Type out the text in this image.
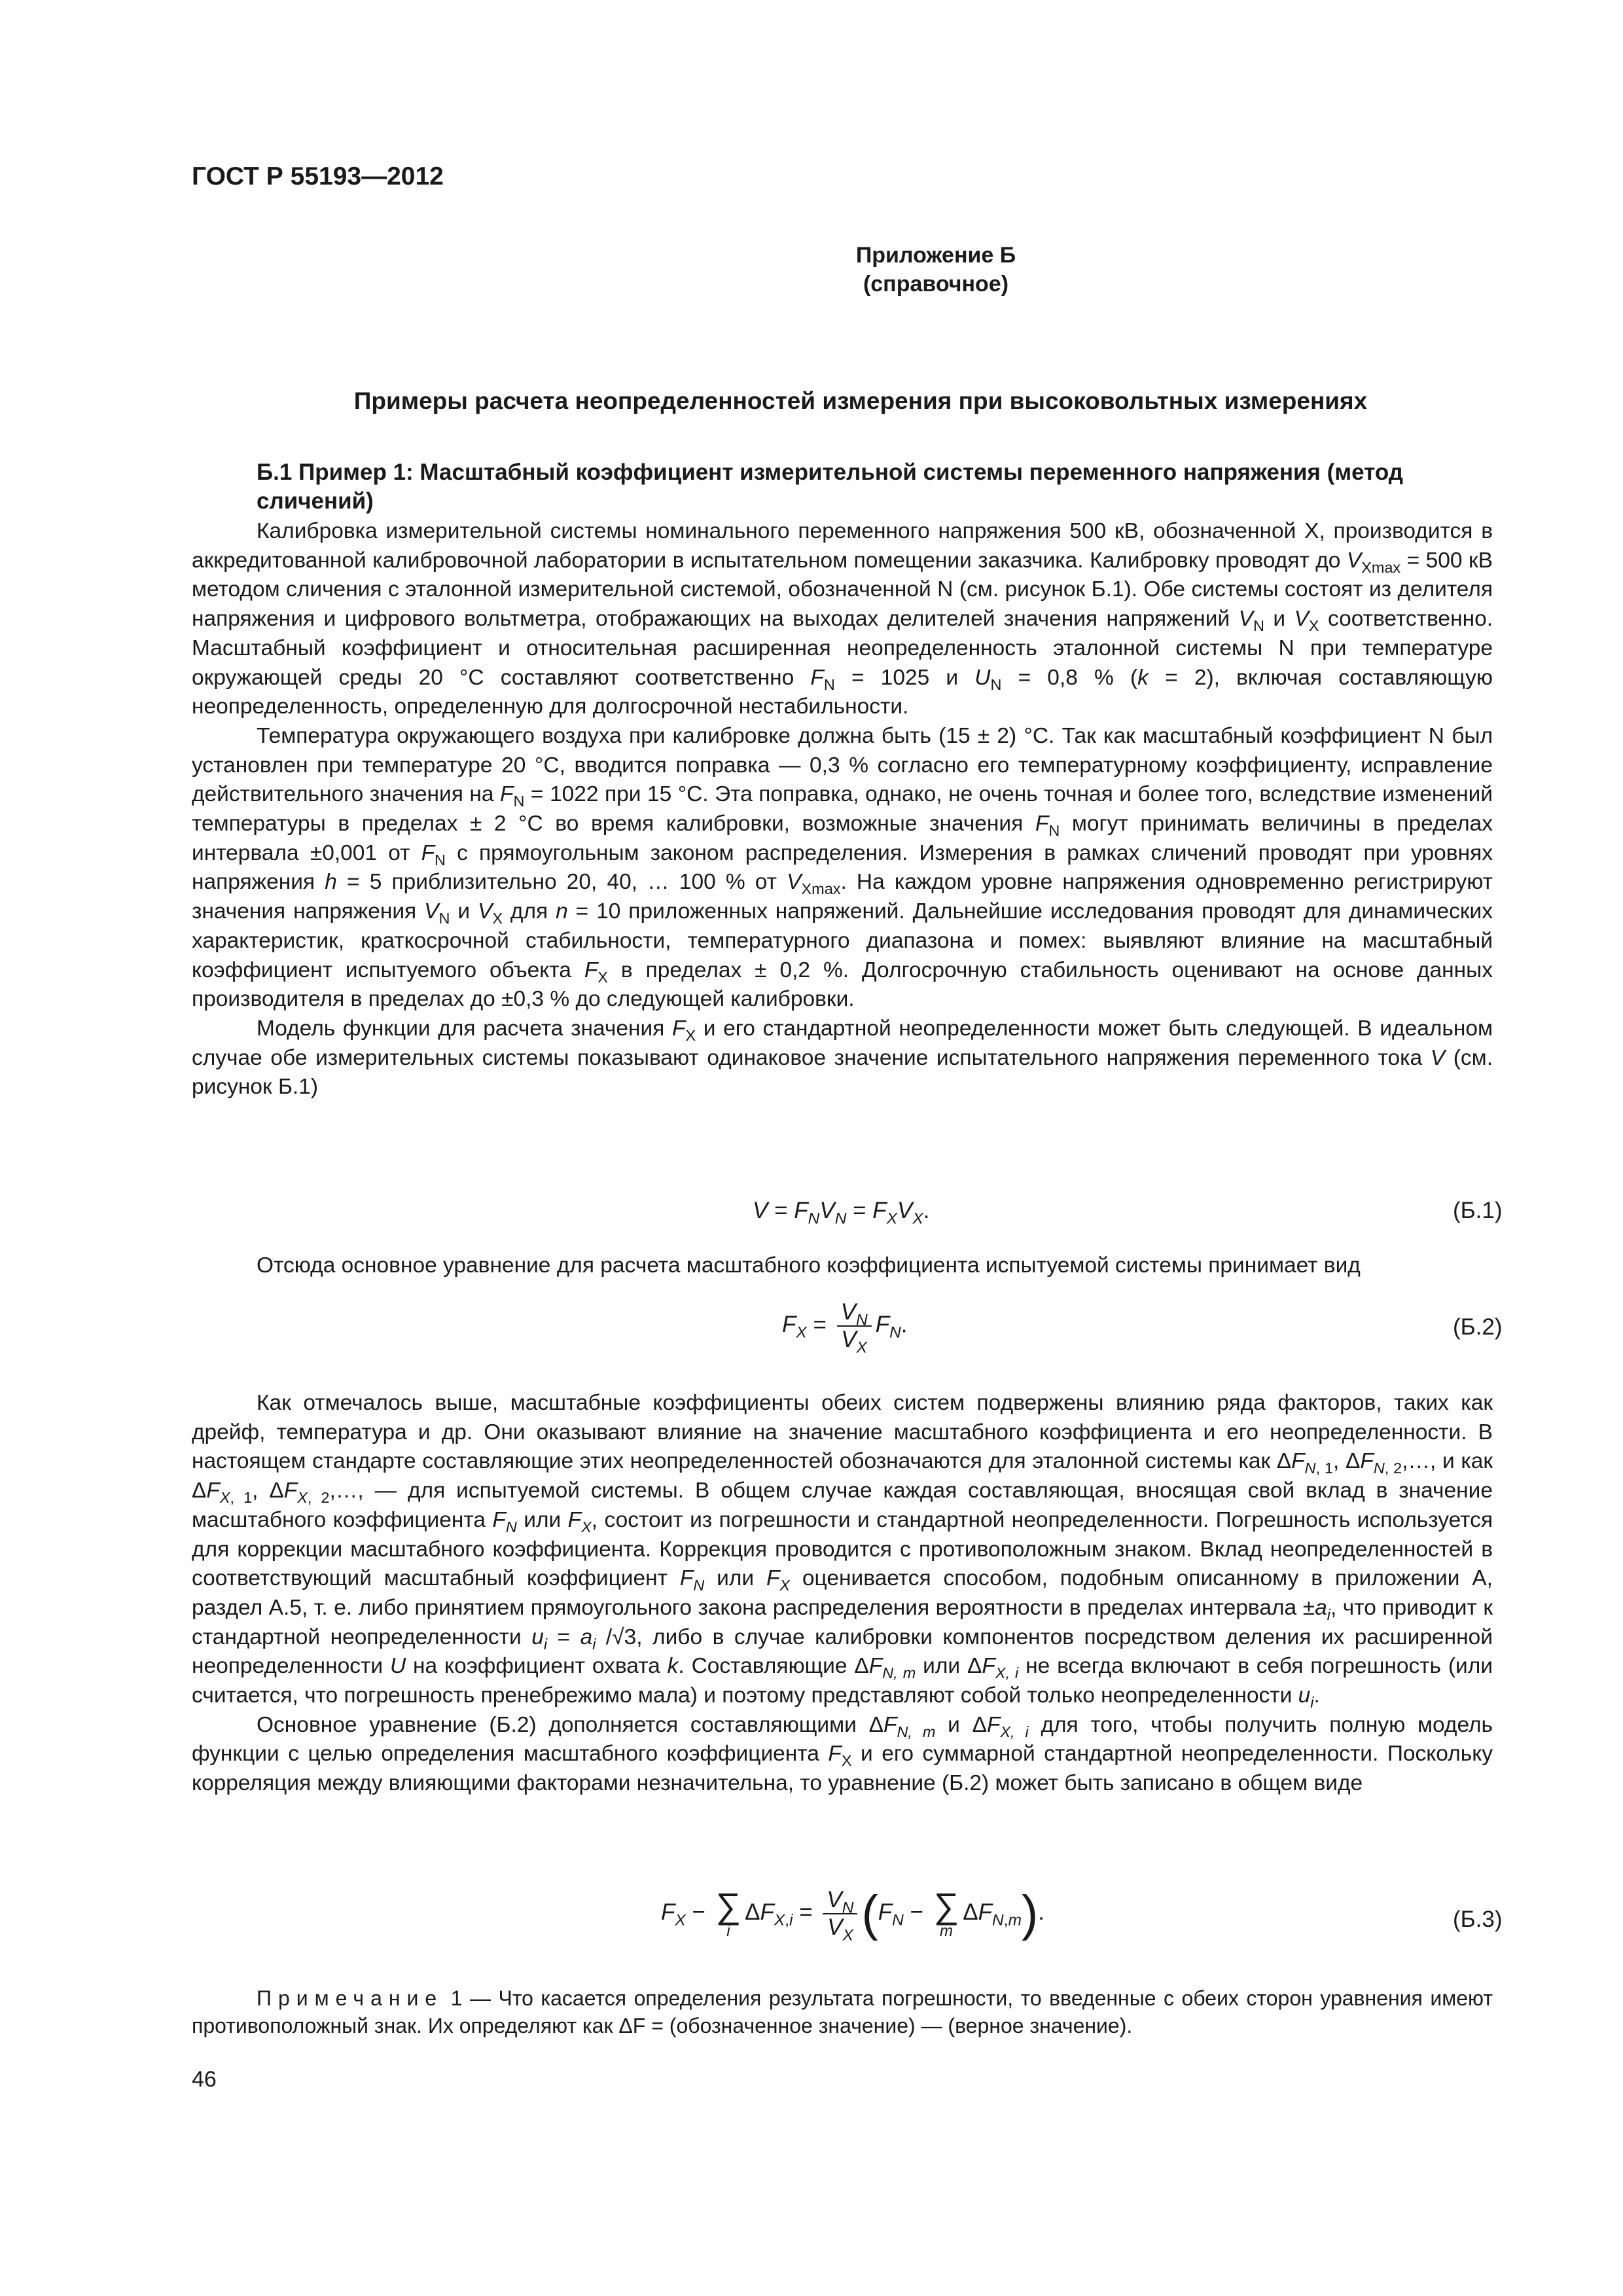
ГОСТ Р 55193—2012
Приложение Б
(справочное)
Примеры расчета неопределенностей измерения при высоковольтных измерениях
Б.1 Пример 1: Масштабный коэффициент измерительной системы переменного напряжения (метод сличений)

Калибровка измерительной системы номинального переменного напряжения 500 кВ, обозначенной X, производится в аккредитованной калибровочной лаборатории в испытательном помещении заказчика. Калибровку проводят до $V_{Xmax} = 500$ кВ методом сличения с эталонной измерительной системой, обозначенной N (см. рисунок Б.1). Обе системы состоят из делителя напряжения и цифрового вольтметра, отображающих на выходах делителей значения напряжений $V_N$ и $V_X$ соответственно. Масштабный коэффициент и относительная расширенная неопределенность эталонной системы N при температуре окружающей среды 20 °C составляют соответственно $F_N = 1025$ и $U_N = 0,8$ % (k = 2), включая составляющую неопределенность, определенную для долгосрочной нестабильности.

Температура окружающего воздуха при калибровке должна быть (15 ± 2) °C. Так как масштабный коэффициент N был установлен при температуре 20 °C, вводится поправка — 0,3 % согласно его температурному коэффициенту, исправление действительного значения на $F_N = 1022$ при 15 °C. Эта поправка, однако, не очень точная и более того, вследствие изменений температуры в пределах ± 2 °C во время калибровки, возможные значения $F_N$ могут принимать величины в пределах интервала ±0,001 от $F_N$ с прямоугольным законом распределения. Измерения в рамках сличений проводят при уровнях напряжения h = 5 приблизительно 20, 40, … 100 % от $V_{Xmax}$. На каждом уровне напряжения одновременно регистрируют значения напряжения $V_N$ и $V_X$ для n = 10 приложенных напряжений. Дальнейшие исследования проводят для динамических характеристик, краткосрочной стабильности, температурного диапазона и помех: выявляют влияние на масштабный коэффициент испытуемого объекта $F_X$ в пределах ± 0,2 %. Долгосрочную стабильность оценивают на основе данных производителя в пределах до ±0,3 % до следующей калибровки.

Модель функции для расчета значения $F_X$ и его стандартной неопределенности может быть следующей. В идеальном случае обе измерительных системы показывают одинаковое значение испытательного напряжения переменного тока V (см. рисунок Б.1)

$V = F_NV_N = F_XV_X$.	(Б.1)

Отсюда основное уравнение для расчета масштабного коэффициента испытуемой системы принимает вид

$F_X = \frac{V_N}{V_X} F_N$.	(Б.2)

Как отмечалось выше, масштабные коэффициенты обеих систем подвержены влиянию ряда факторов, таких как дрейф, температура и др. Они оказывают влияние на значение масштабного коэффициента и его неопределенности. В настоящем стандарте составляющие этих неопределенностей обозначаются для эталонной системы как $\Delta F_{N, 1}$, $\Delta F_{N, 2},\dots$, и как $\Delta F_{X, 1}$, $\Delta F_{X, 2},\dots$, — для испытуемой системы. В общем случае каждая составляющая, вносящая свой вклад в значение масштабного коэффициента $F_N$ или $F_X$, состоит из погрешности и стандартной неопределенности. Погрешность используется для коррекции масштабного коэффициента. Коррекция проводится с противоположным знаком. Вклад неопределенностей в соответствующий масштабный коэффициент $F_N$ или $F_X$ оценивается способом, подобным описанному в приложении А, раздел А.5, т. е. либо принятием прямоугольного закона распределения вероятности в пределах интервала $\pm a_i$, что приводит к стандартной неопределенности $u_i = a_i$ /√3, либо в случае калибровки компонентов посредством деления их расширенной неопределенности U на коэффициент охвата k. Составляющие $\Delta F_{N, m}$ или $\Delta F_{X, i}$ не всегда включают в себя погрешность (или считается, что погрешность пренебрежимо мала) и поэтому представляют собой только неопределенности $u_i$.

Основное уравнение (Б.2) дополняется составляющими $\Delta F_{N, m}$ и $\Delta F_{X, i}$ для того, чтобы получить полную модель функции с целью определения масштабного коэффициента $F_X$ и его суммарной стандартной неопределенности. Поскольку корреляция между влияющими факторами незначительна, то уравнение (Б.2) может быть записано в общем виде

$F_X$ − ∑
i
$\Delta F_{X,i} = \frac{V_N}{V_X} (F_N$ − ∑
m
$\Delta F_{N,m}$).	(Б.3)
Примечание 1 — Что касается определения результата погрешности, то введенные с обеих сторон уравнения имеют противоположный знак. Их определяют как ΔF = (обозначенное значение) — (верное значение).
46
